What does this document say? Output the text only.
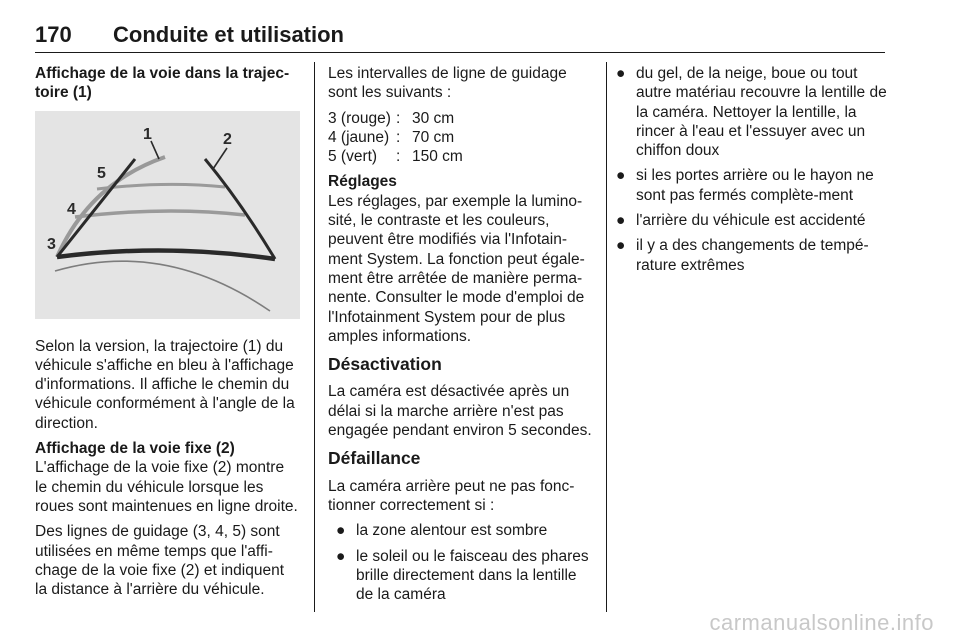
170 Conduite et utilisation
Affichage de la voie dans la trajec-toire (1)
1	2
3
4
5

Selon la version, la trajectoire (1) du véhicule s'affiche en bleu à l'affichage d'informations. Il affiche le chemin du véhicule conformément à l'angle de la direction.

Affichage de la voie fixe (2)

L'affichage de la voie fixe (2) montre le chemin du véhicule lorsque les roues sont maintenues en ligne droite.

Des lignes de guidage (3, 4, 5) sont utilisées en même temps que l'affi-chage de la voie fixe (2) et indiquent la distance à l'arrière du véhicule.

Les intervalles de ligne de guidage sont les suivants :

3 (rouge) : 30 cm
4 (jaune) : 70 cm
5 (vert)	: 150 cm
Réglages

Les réglages, par exemple la lumino-sité, le contraste et les couleurs, peuvent être modifiés via l'Infotain-ment System. La fonction peut égale-ment être arrêtée de manière perma-nente. Consulter le mode d'emploi de l'Infotainment System pour de plus amples informations.

Désactivation

La caméra est désactivée après un délai si la marche arrière n'est pas engagée pendant environ 5 secondes.

Défaillance

La caméra arrière peut ne pas fonc-tionner correctement si :

● la zone alentour est sombre
● le soleil ou le faisceau des phares brille directement dans la lentille de la caméra
● du gel, de la neige, boue ou tout autre matériau recouvre la lentille de la caméra. Nettoyer la lentille, la rincer à l'eau et l'essuyer avec un chiffon doux
● si les portes arrière ou le hayon ne sont pas fermés complète-ment
● l'arrière du véhicule est accidenté
● il y a des changements de tempé-rature extrêmes
carmanualsonline.info
